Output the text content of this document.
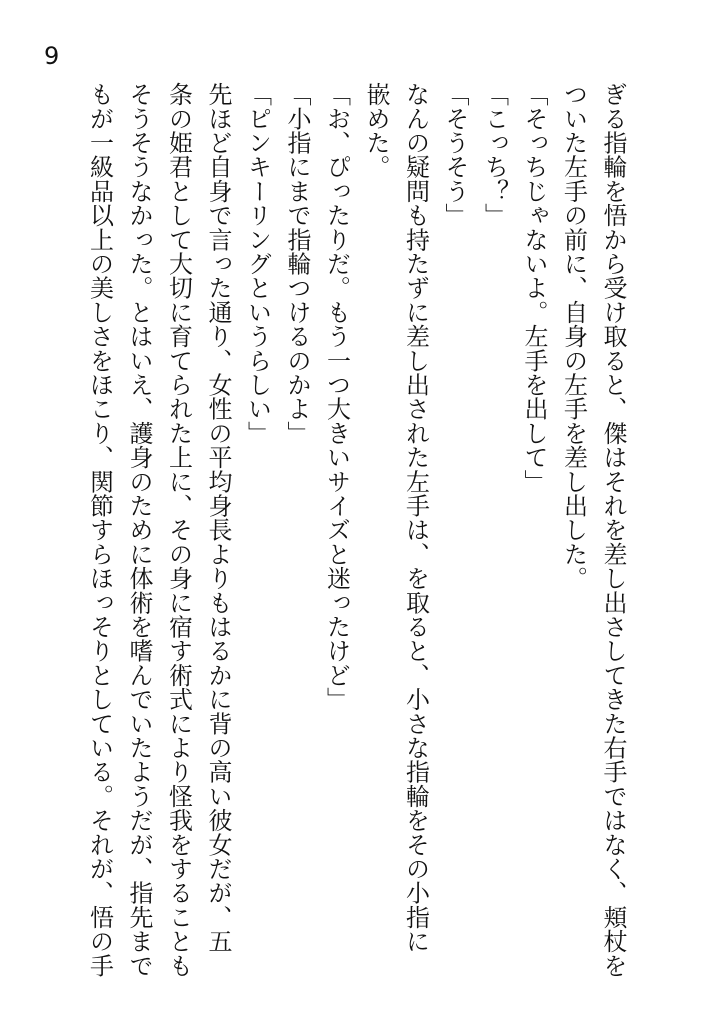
9

ぎる指輪を悟から受け取ると、傑はそれを差し出さしてきた右手ではなく、頬杖を

ついた左手の前に、自身の左手を差し出した。

「そっちじゃないよ。左手を出して」

「こっち？」

「そうそう」

なんの疑問も持たずに差し出された左手は、を取ると、小さな指輪をその小指に

嵌めた。

「お、ぴったりだ。もう一つ大きいサイズと迷ったけど」

「小指にまで指輪つけるのかよ」

「ピンキーリングというらしい」

先ほど自身で言った通り、女性の平均身長よりもはるかに背の高い彼女だが、五

条の姫君として大切に育てられた上に、その身に宿す術式により怪我をすることも

そうそうなかった。とはいえ、護身のために体術を嗜んでいたようだが、指先まで

もが一級品以上の美しさをほこり、関節すらほっそりとしている。それが、悟の手
